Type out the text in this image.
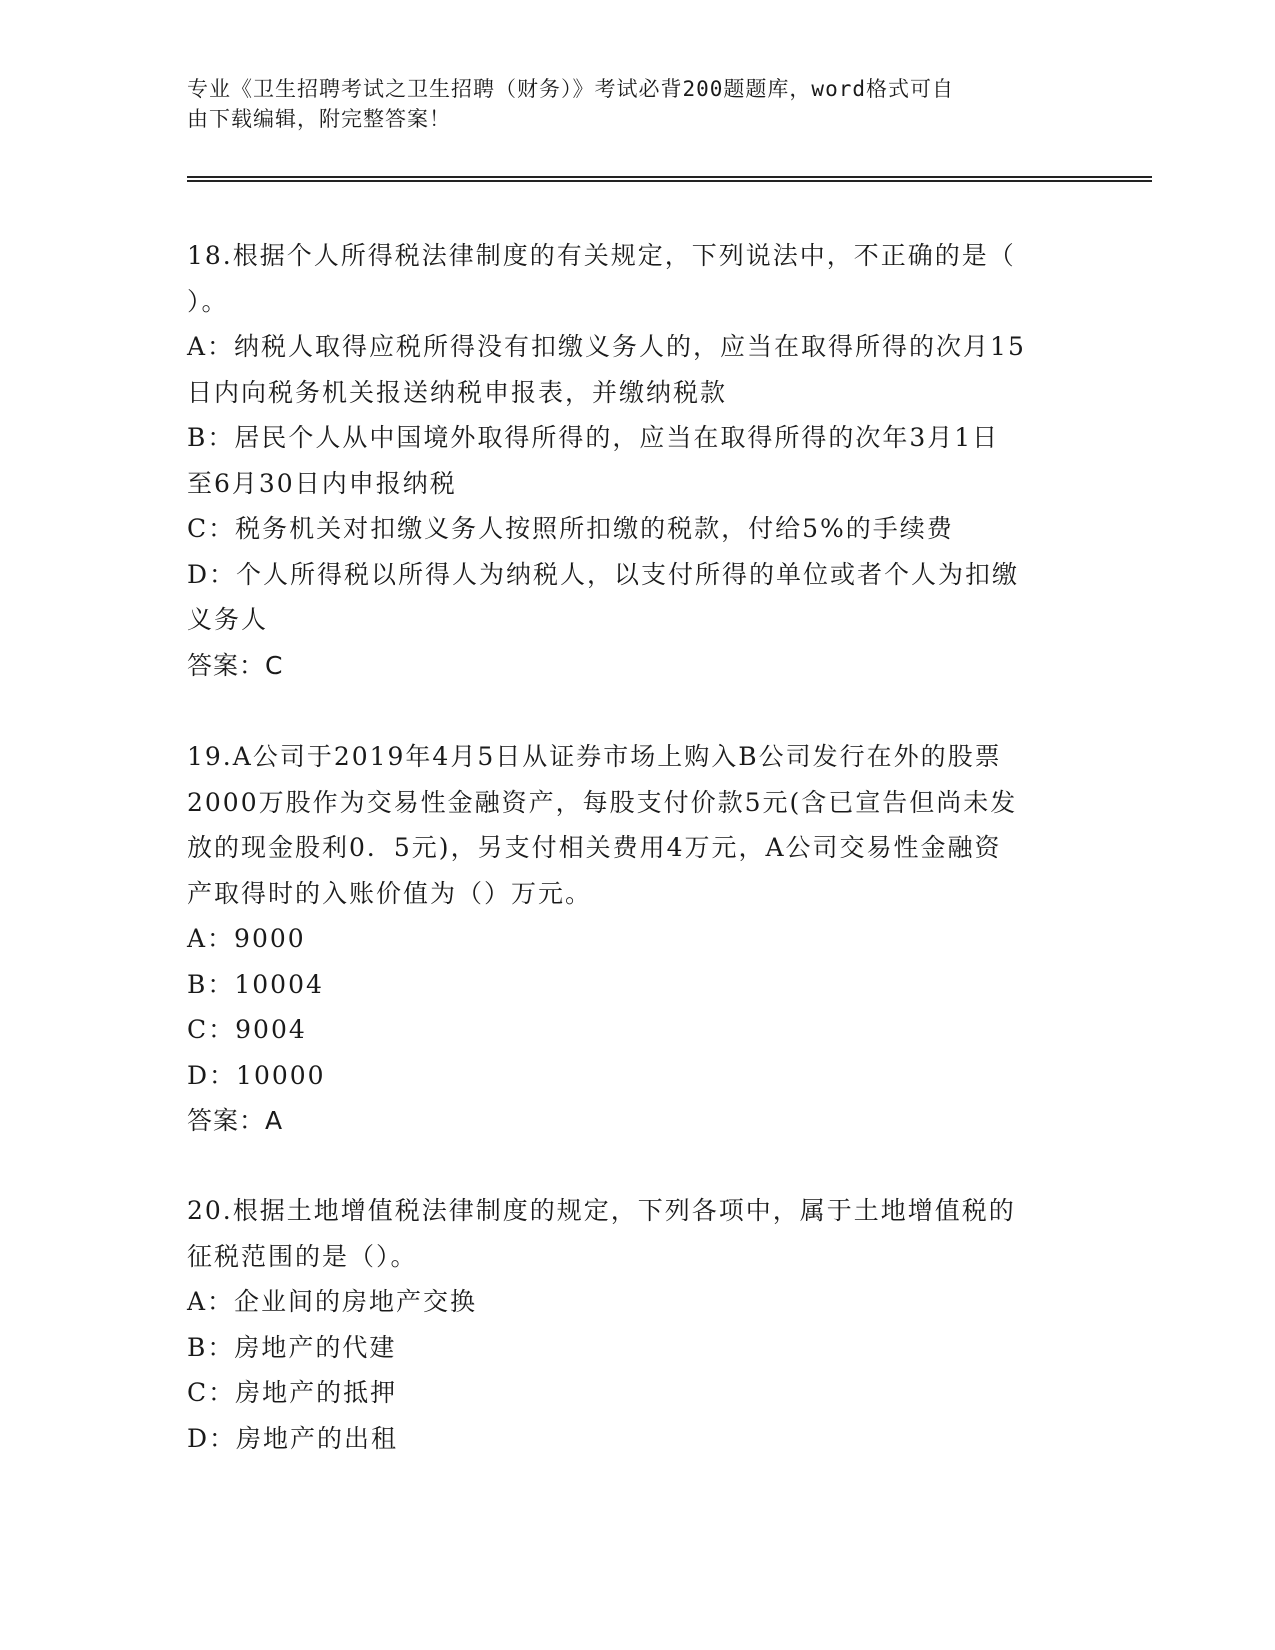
专业《卫生招聘考试之卫生招聘（财务）》考试必背200题题库，word格式可自
由下载编辑，附完整答案！
18.根据个人所得税法律制度的有关规定，下列说法中，不正确的是（
）。
A：纳税人取得应税所得没有扣缴义务人的，应当在取得所得的次月15
日内向税务机关报送纳税申报表，并缴纳税款
B：居民个人从中国境外取得所得的，应当在取得所得的次年3月1日
至6月30日内申报纳税
C：税务机关对扣缴义务人按照所扣缴的税款，付给5%的手续费
D：个人所得税以所得人为纳税人，以支付所得的单位或者个人为扣缴
义务人
答案：C
19.A公司于2019年4月5日从证券市场上购入B公司发行在外的股票
2000万股作为交易性金融资产，每股支付价款5元(含已宣告但尚未发
放的现金股利0．5元)，另支付相关费用4万元，A公司交易性金融资
产取得时的入账价值为（）万元。
A：9000
B：10004
C：9004
D：10000
答案：A
20.根据土地增值税法律制度的规定，下列各项中，属于土地增值税的
征税范围的是（）。
A：企业间的房地产交换
B：房地产的代建
C：房地产的抵押
D：房地产的出租
